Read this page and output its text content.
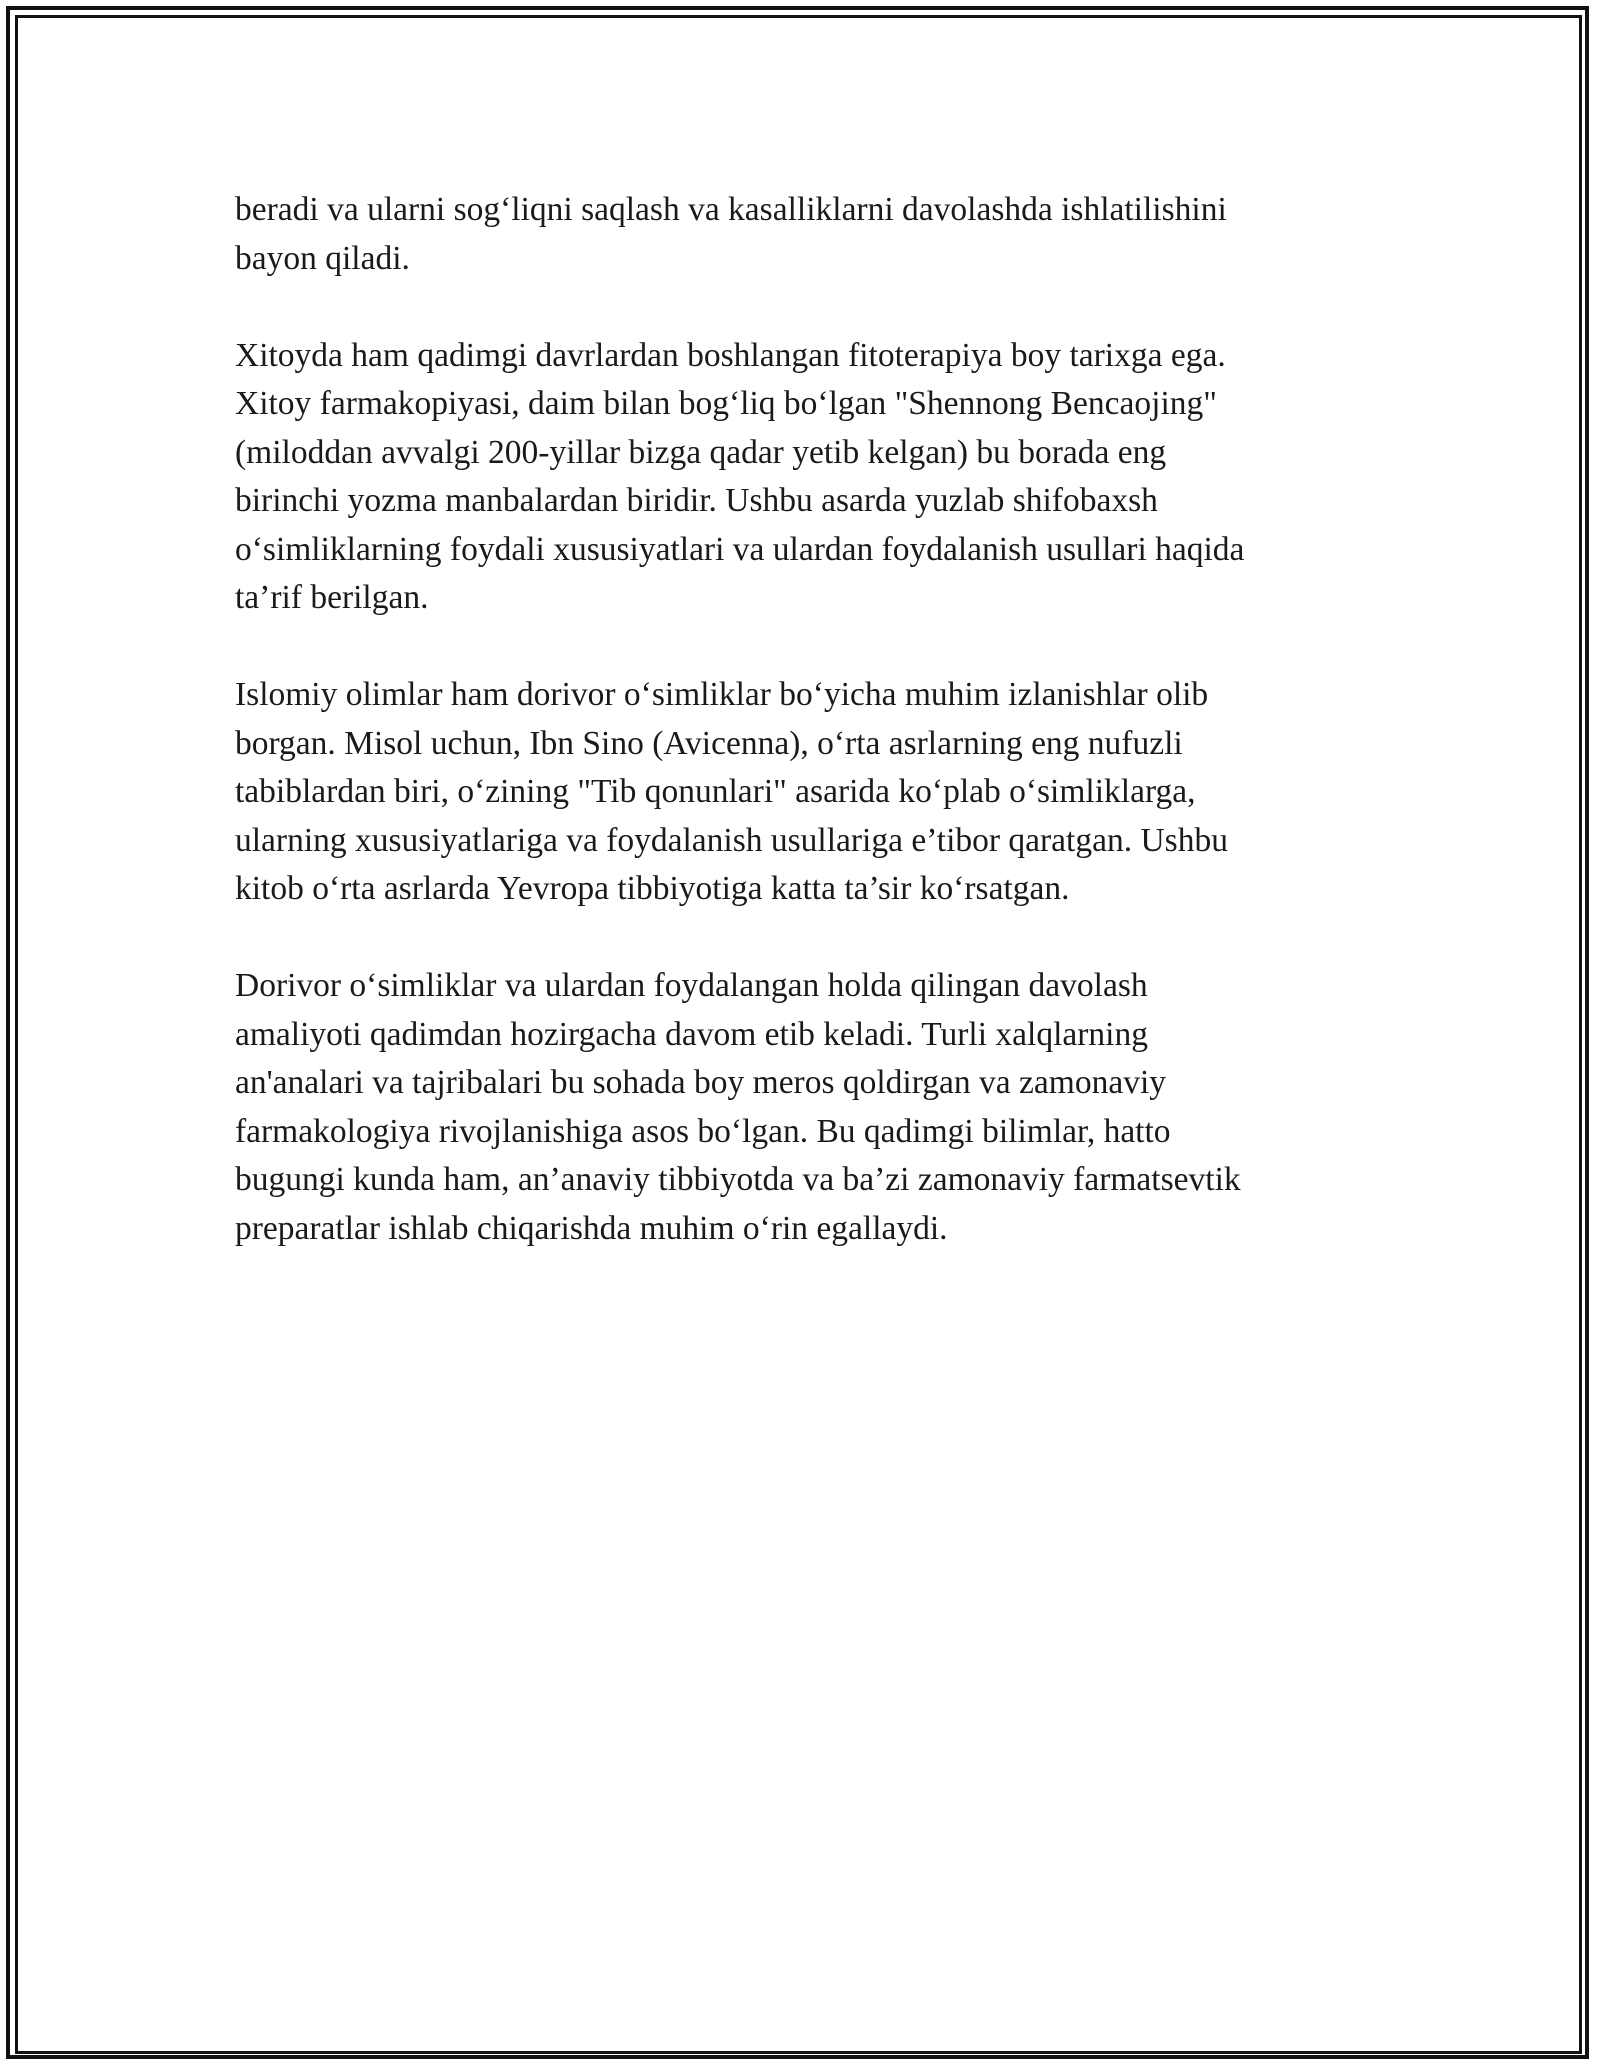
beradi va ularni sog‘liqni saqlash va kasalliklarni davolashda ishlatilishini
bayon qiladi.

Xitoyda ham qadimgi davrlardan boshlangan fitoterapiya boy tarixga ega.
Xitoy farmakopiyasi, daim bilan bog‘liq bo‘lgan "Shennong Bencaojing"
(miloddan avvalgi 200-yillar bizga qadar yetib kelgan) bu borada eng
birinchi yozma manbalardan biridir. Ushbu asarda yuzlab shifobaxsh
o‘simliklarning foydali xususiyatlari va ulardan foydalanish usullari haqida
ta’rif berilgan.

Islomiy olimlar ham dorivor o‘simliklar bo‘yicha muhim izlanishlar olib
borgan. Misol uchun, Ibn Sino (Avicenna), o‘rta asrlarning eng nufuzli
tabiblardan biri, o‘zining "Tib qonunlari" asarida ko‘plab o‘simliklarga,
ularning xususiyatlariga va foydalanish usullariga e’tibor qaratgan. Ushbu
kitob o‘rta asrlarda Yevropa tibbiyotiga katta ta’sir ko‘rsatgan.

Dorivor o‘simliklar va ulardan foydalangan holda qilingan davolash
amaliyoti qadimdan hozirgacha davom etib keladi. Turli xalqlarning
an'analari va tajribalari bu sohada boy meros qoldirgan va zamonaviy
farmakologiya rivojlanishiga asos bo‘lgan. Bu qadimgi bilimlar, hatto
bugungi kunda ham, an’anaviy tibbiyotda va ba’zi zamonaviy farmatsevtik
preparatlar ishlab chiqarishda muhim o‘rin egallaydi.
